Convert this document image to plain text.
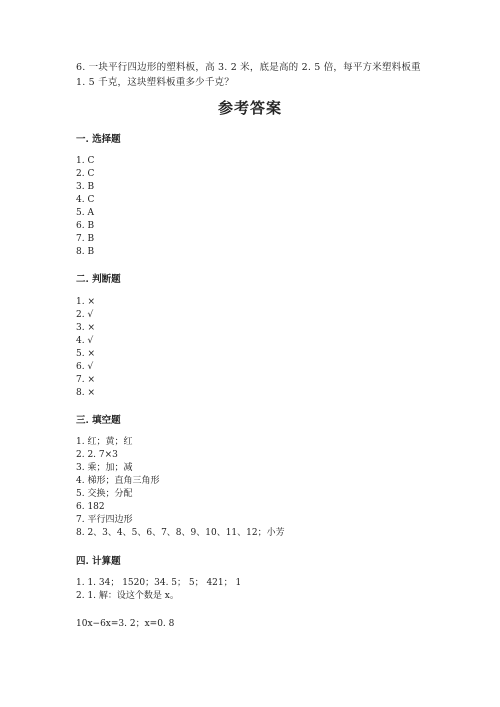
6. 一块平行四边形的塑料板，高 3. 2 米，底是高的 2. 5 倍，每平方米塑料板重
1. 5 千克，这块塑料板重多少千克？
参考答案
一. 选择题
1. C
2. C
3. B
4. C
5. A
6. B
7. B
8. B
二. 判断题
1. ×
2. √
3. ×
4. √
5. ×
6. √
7. ×
8. ×
三. 填空题
1. 红；黄；红
2. 2. 7×3
3. 乘；加；减
4. 梯形；直角三角形
5. 交换；分配
6. 182
7. 平行四边形
8. 2、3、4、5、6、7、8、9、10、11、12；小芳
四. 计算题
1. 1. 34； 1520；34. 5； 5； 421； 1
2. 1. 解：设这个数是 x。
10x−6x=3. 2；x=0. 8
